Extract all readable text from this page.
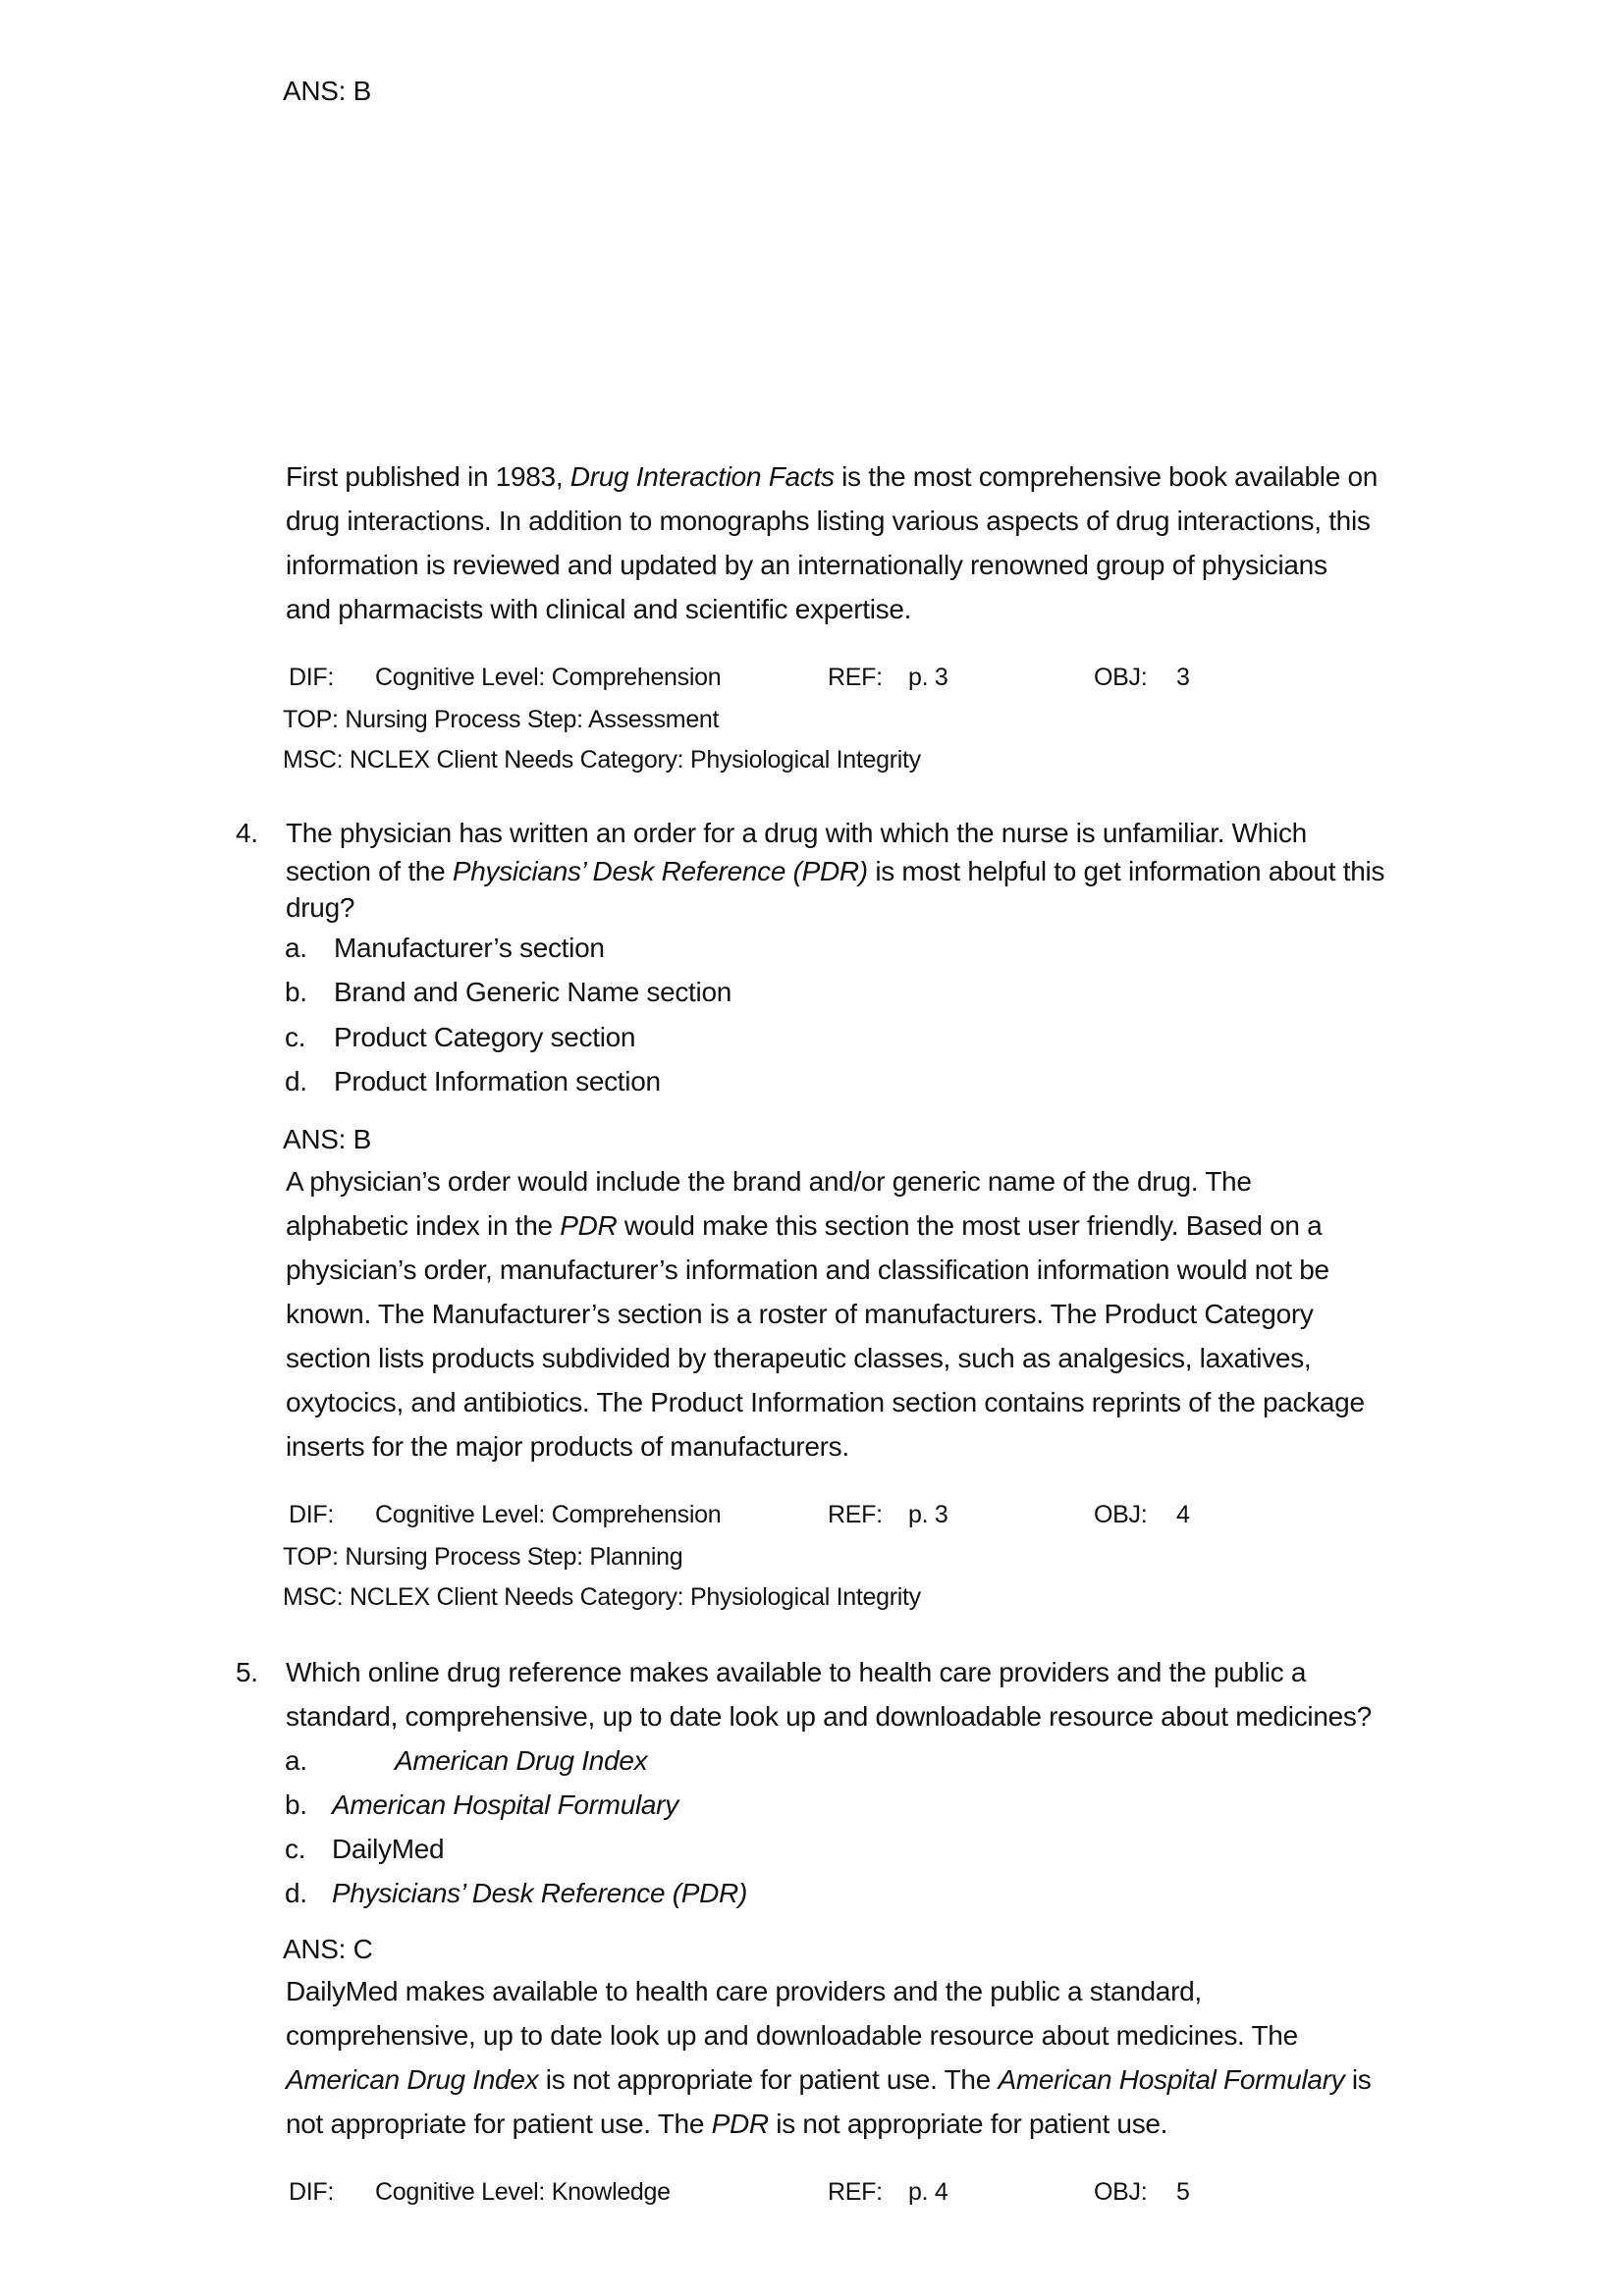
ANS: B
First published in 1983, Drug Interaction Facts is the most comprehensive book available on
drug interactions. In addition to monographs listing various aspects of drug interactions, this
information is reviewed and updated by an internationally renowned group of physicians
and pharmacists with clinical and scientific expertise.
DIF: Cognitive Level: Comprehension	REF: p. 3	OBJ: 3
TOP: Nursing Process Step: Assessment
MSC: NCLEX Client Needs Category: Physiological Integrity
4. The physician has written an order for a drug with which the nurse is unfamiliar. Which
section of the Physicians’ Desk Reference (PDR) is most helpful to get information about this
drug?
a. Manufacturer’s section
b. Brand and Generic Name section
c. Product Category section
d. Product Information section
ANS: B
A physician’s order would include the brand and/or generic name of the drug. The
alphabetic index in the PDR would make this section the most user friendly. Based on a
physician’s order, manufacturer’s information and classification information would not be
known. The Manufacturer’s section is a roster of manufacturers. The Product Category
section lists products subdivided by therapeutic classes, such as analgesics, laxatives,
oxytocics, and antibiotics. The Product Information section contains reprints of the package
inserts for the major products of manufacturers.
DIF: Cognitive Level: Comprehension	REF: p. 3	OBJ: 4
TOP: Nursing Process Step: Planning
MSC: NCLEX Client Needs Category: Physiological Integrity
5. Which online drug reference makes available to health care providers and the public a
standard, comprehensive, up to date look up and downloadable resource about medicines?
a.	American Drug Index
b. American Hospital Formulary
c. DailyMed
d. Physicians’ Desk Reference (PDR)
ANS: C
DailyMed makes available to health care providers and the public a standard,
comprehensive, up to date look up and downloadable resource about medicines. The
American Drug Index is not appropriate for patient use. The American Hospital Formulary is
not appropriate for patient use. The PDR is not appropriate for patient use.
DIF: Cognitive Level: Knowledge	REF: p. 4	OBJ: 5
